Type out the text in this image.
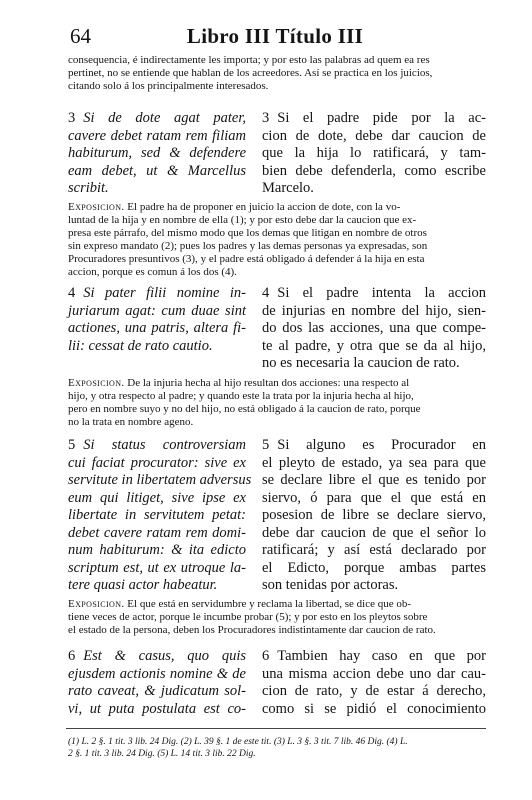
64	Libro III Título III
consequencia, é indirectamente les importa; y por esto las palabras ad quem ea res
pertinet, no se entiende que hablan de los acreedores. Así se practica en los juicios,
citando solo á los principalmente interesados.
3 Si de dote agat pater,
cavere debet ratam rem filiam
habiturum, sed & defendere
eam debet, ut & Marcellus
scribit.
3 Si el padre pide por la ac-
cion de dote, debe dar caucion de
que la hija lo ratificará, y tam-
bien debe defenderla, como escribe
Marcelo.
Exposicion. El padre ha de proponer en juicio la accion de dote, con la vo-
luntad de la hija y en nombre de ella (1); y por esto debe dar la caucion que ex-
presa este párrafo, del mismo modo que los demas que litigan en nombre de otros
sin expreso mandato (2); pues los padres y las demas personas ya expresadas, son
Procuradores presuntivos (3), y el padre está obligado á defender á la hija en esta
accion, porque es comun á los dos (4).
4 Si pater filii nomine in-
juriarum agat: cum duae sint
actiones, una patris, altera fi-
lii: cessat de rato cautio.
4 Si el padre intenta la accion
de injurias en nombre del hijo, sien-
do dos las acciones, una que compe-
te al padre, y otra que se da al hijo,
no es necesaria la caucion de rato.
Exposicion. De la injuria hecha al hijo resultan dos acciones: una respecto al
hijo, y otra respecto al padre; y quando este la trata por la injuria hecha al hijo,
pero en nombre suyo y no del hijo, no está obligado á la caucion de rato, porque
no la trata en nombre ageno.
5 Si status controversiam
cui faciat procurator: sive ex
servitute in libertatem adversus
eum qui litiget, sive ipse ex
libertate in servitutem petat:
debet cavere ratam rem domi-
num habiturum: & ita edicto
scriptum est, ut ex utroque la-
tere quasi actor habeatur.
5 Si alguno es Procurador en
el pleyto de estado, ya sea para que
se declare libre el que es tenido por
siervo, ó para que el que está en
posesion de libre se declare siervo,
debe dar caucion de que el señor lo
ratificará; y así está declarado por
el Edicto, porque ambas partes
son tenidas por actoras.
Exposicion. El que está en servidumbre y reclama la libertad, se dice que ob-
tiene veces de actor, porque le incumbe probar (5); y por esto en los pleytos sobre
el estado de la persona, deben los Procuradores indistintamente dar caucion de rato.
6 Est & casus, quo quis
ejusdem actionis nomine & de
rato caveat, & judicatum sol-
vi, ut puta postulata est co-
6 Tambien hay caso en que por
una misma accion debe uno dar cau-
cion de rato, y de estar á derecho,
como si se pidió el conocimiento
(1) L. 2 §. 1 tit. 3 lib. 24 Dig. (2) L. 39 §. 1 de este tit. (3) L. 3 §. 3 tit. 7 lib. 46 Dig. (4) L.
2 §. 1 tit. 3 lib. 24 Dig. (5) L. 14 tit. 3 lib. 22 Dig.
